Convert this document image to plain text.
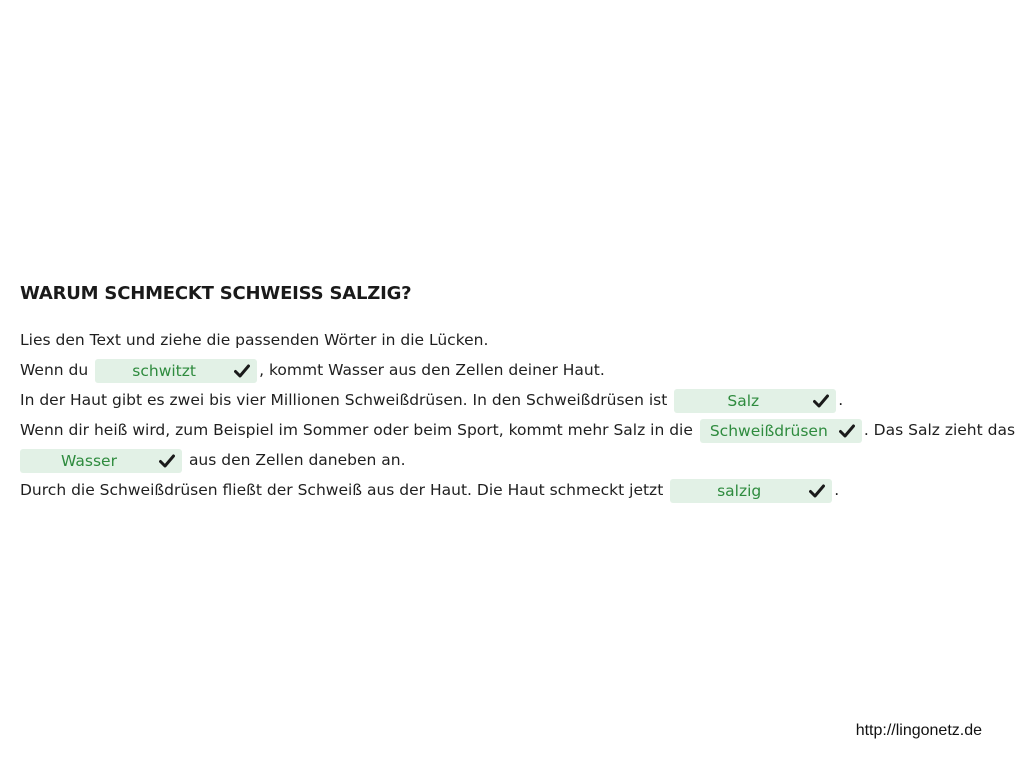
WARUM SCHMECKT SCHWEISS SALZIG?
Lies den Text und ziehe die passenden Wörter in die Lücken.
Wenn du	schwitzt	, kommt Wasser aus den Zellen deiner Haut.
In der Haut gibt es zwei bis vier Millionen Schweißdrüsen. In den Schweißdrüsen ist	Salz	.
Wenn dir heiß wird, zum Beispiel im Sommer oder beim Sport, kommt mehr Salz in die Schweißdrüsen . Das Salz zieht das
Wasser	aus den Zellen daneben an.
Durch die Schweißdrüsen fließt der Schweiß aus der Haut. Die Haut schmeckt jetzt	salzig	.
http://lingonetz.de
